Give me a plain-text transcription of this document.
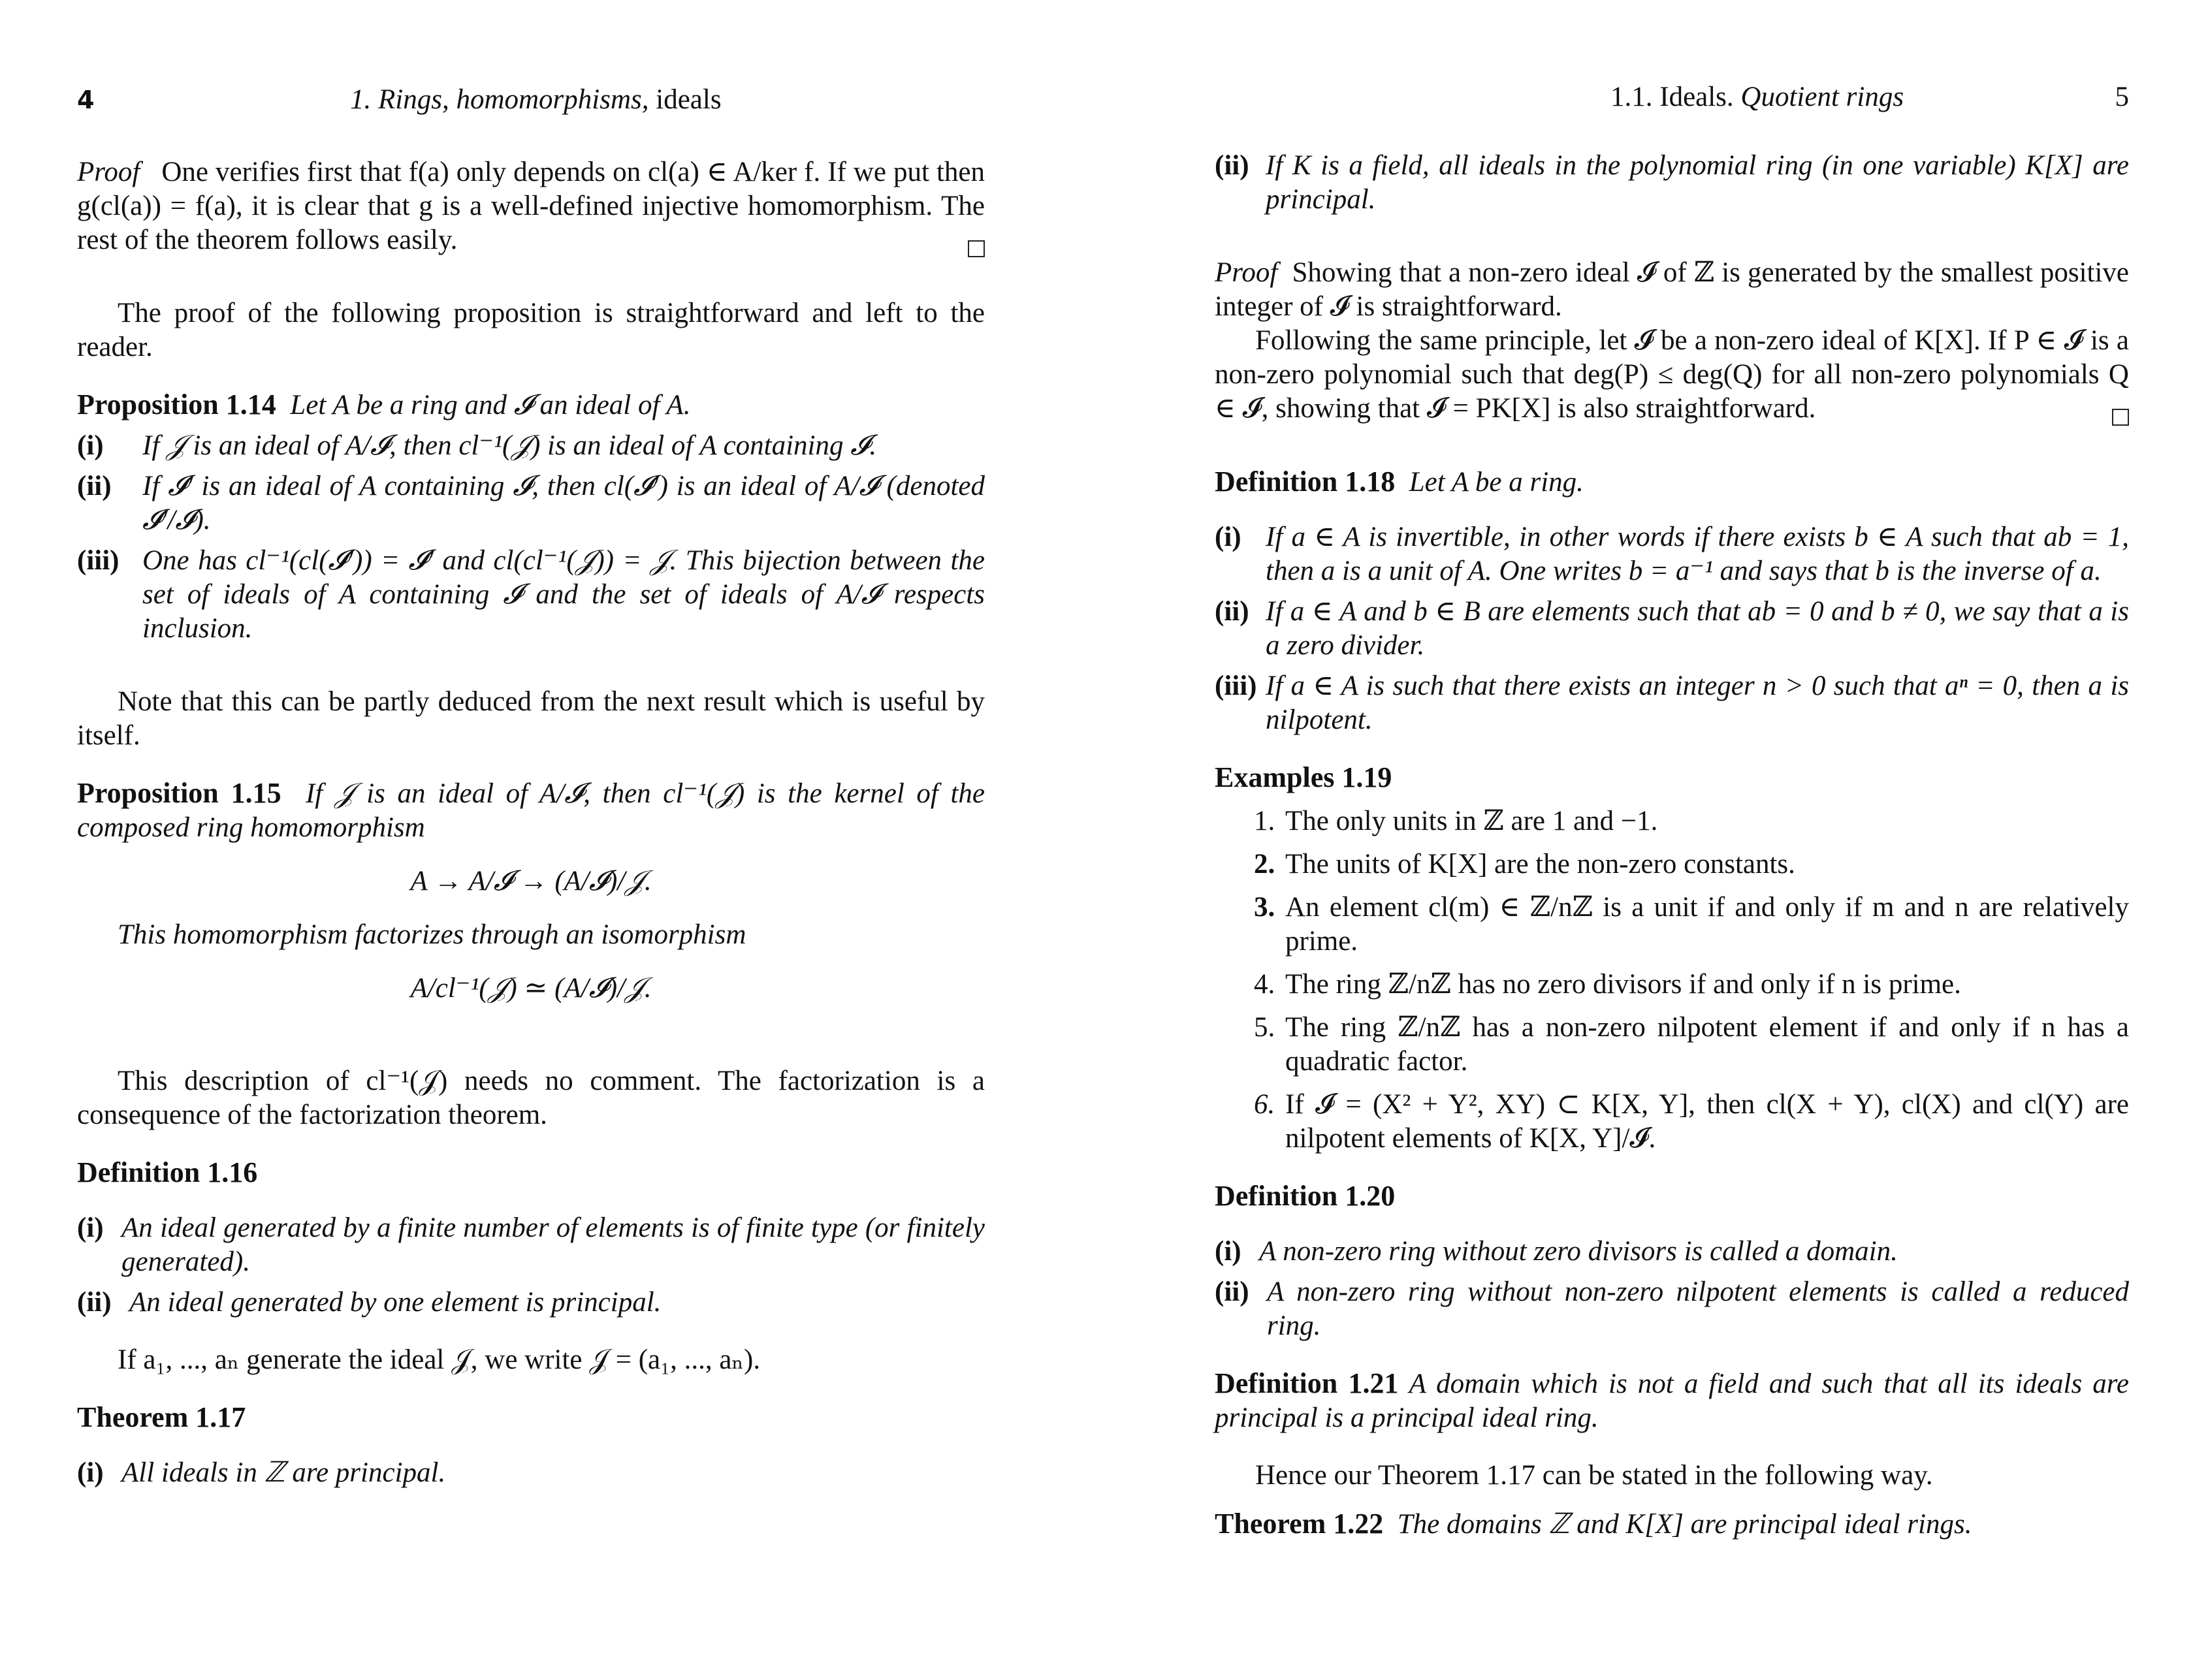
4	1. Rings, homomorphisms, ideals

Proof One verifies first that f(a) only depends on cl(a) ∈ A/ker f. If we put then g(cl(a)) = f(a), it is clear that g is a well-defined injective homomorphism. The rest of the theorem follows easily.

The proof of the following proposition is straightforward and left to the reader.

Proposition 1.14 Let A be a ring and 𝓘 an ideal of A.

(i)	If 𝒥 is an ideal of A/𝓘, then cl⁻¹(𝒥) is an ideal of A containing 𝓘.
(ii)	If 𝓘′ is an ideal of A containing 𝓘, then cl(𝓘′) is an ideal of A/𝓘 (denoted 𝓘′/𝓘).
(iii) One has cl⁻¹(cl(𝓘′)) = 𝓘′ and cl(cl⁻¹(𝒥)) = 𝒥. This bijection between the set of ideals of A containing 𝓘 and the set of ideals of A/𝓘 respects inclusion.

Note that this can be partly deduced from the next result which is useful by itself.

Proposition 1.15 If 𝒥 is an ideal of A/𝓘, then cl⁻¹(𝒥) is the kernel of the composed ring homomorphism

A → A/𝓘 → (A/𝓘)/𝒥.

This homomorphism factorizes through an isomorphism

A/cl⁻¹(𝒥) ≃ (A/𝓘)/𝒥.

This description of cl⁻¹(𝒥) needs no comment. The factorization is a consequence of the factorization theorem.

Definition 1.16

(i) An ideal generated by a finite number of elements is of finite type (or finitely generated).
(ii) An ideal generated by one element is principal.

If a₁, ..., aₙ generate the ideal 𝒥, we write 𝒥 = (a₁, ..., aₙ).

Theorem 1.17

(i) All ideals in ℤ are principal.
1.1. Ideals. Quotient rings	5
(ii) If K is a field, all ideals in the polynomial ring (in one variable) K[X] are principal.

Proof Showing that a non-zero ideal 𝓘 of ℤ is generated by the smallest positive integer of 𝓘 is straightforward.

Following the same principle, let 𝓘 be a non-zero ideal of K[X]. If P ∈ 𝓘 is a non-zero polynomial such that deg(P) ≤ deg(Q) for all non-zero polynomials Q ∈ 𝓘, showing that 𝓘 = PK[X] is also straightforward.

Definition 1.18 Let A be a ring.

(i) If a ∈ A is invertible, in other words if there exists b ∈ A such that ab = 1, then a is a unit of A. One writes b = a⁻¹ and says that b is the inverse of a.
(ii) If a ∈ A and b ∈ B are elements such that ab = 0 and b ≠ 0, we say that a is a zero divider.
(iii) If a ∈ A is such that there exists an integer n > 0 such that aⁿ = 0, then a is nilpotent.

Examples 1.19

1. The only units in ℤ are 1 and −1.
2. The units of K[X] are the non-zero constants.
3. An element cl(m) ∈ ℤ/nℤ is a unit if and only if m and n are relatively prime.
4. The ring ℤ/nℤ has no zero divisors if and only if n is prime.
5. The ring ℤ/nℤ has a non-zero nilpotent element if and only if n has a quadratic factor.
6. If 𝓘 = (X² + Y², XY) ⊂ K[X, Y], then cl(X + Y), cl(X) and cl(Y) are nilpotent elements of K[X, Y]/𝓘.

Definition 1.20

(i) A non-zero ring without zero divisors is called a domain.
(ii) A non-zero ring without non-zero nilpotent elements is called a reduced ring.

Definition 1.21 A domain which is not a field and such that all its ideals are principal is a principal ideal ring.

Hence our Theorem 1.17 can be stated in the following way.

Theorem 1.22 The domains ℤ and K[X] are principal ideal rings.
